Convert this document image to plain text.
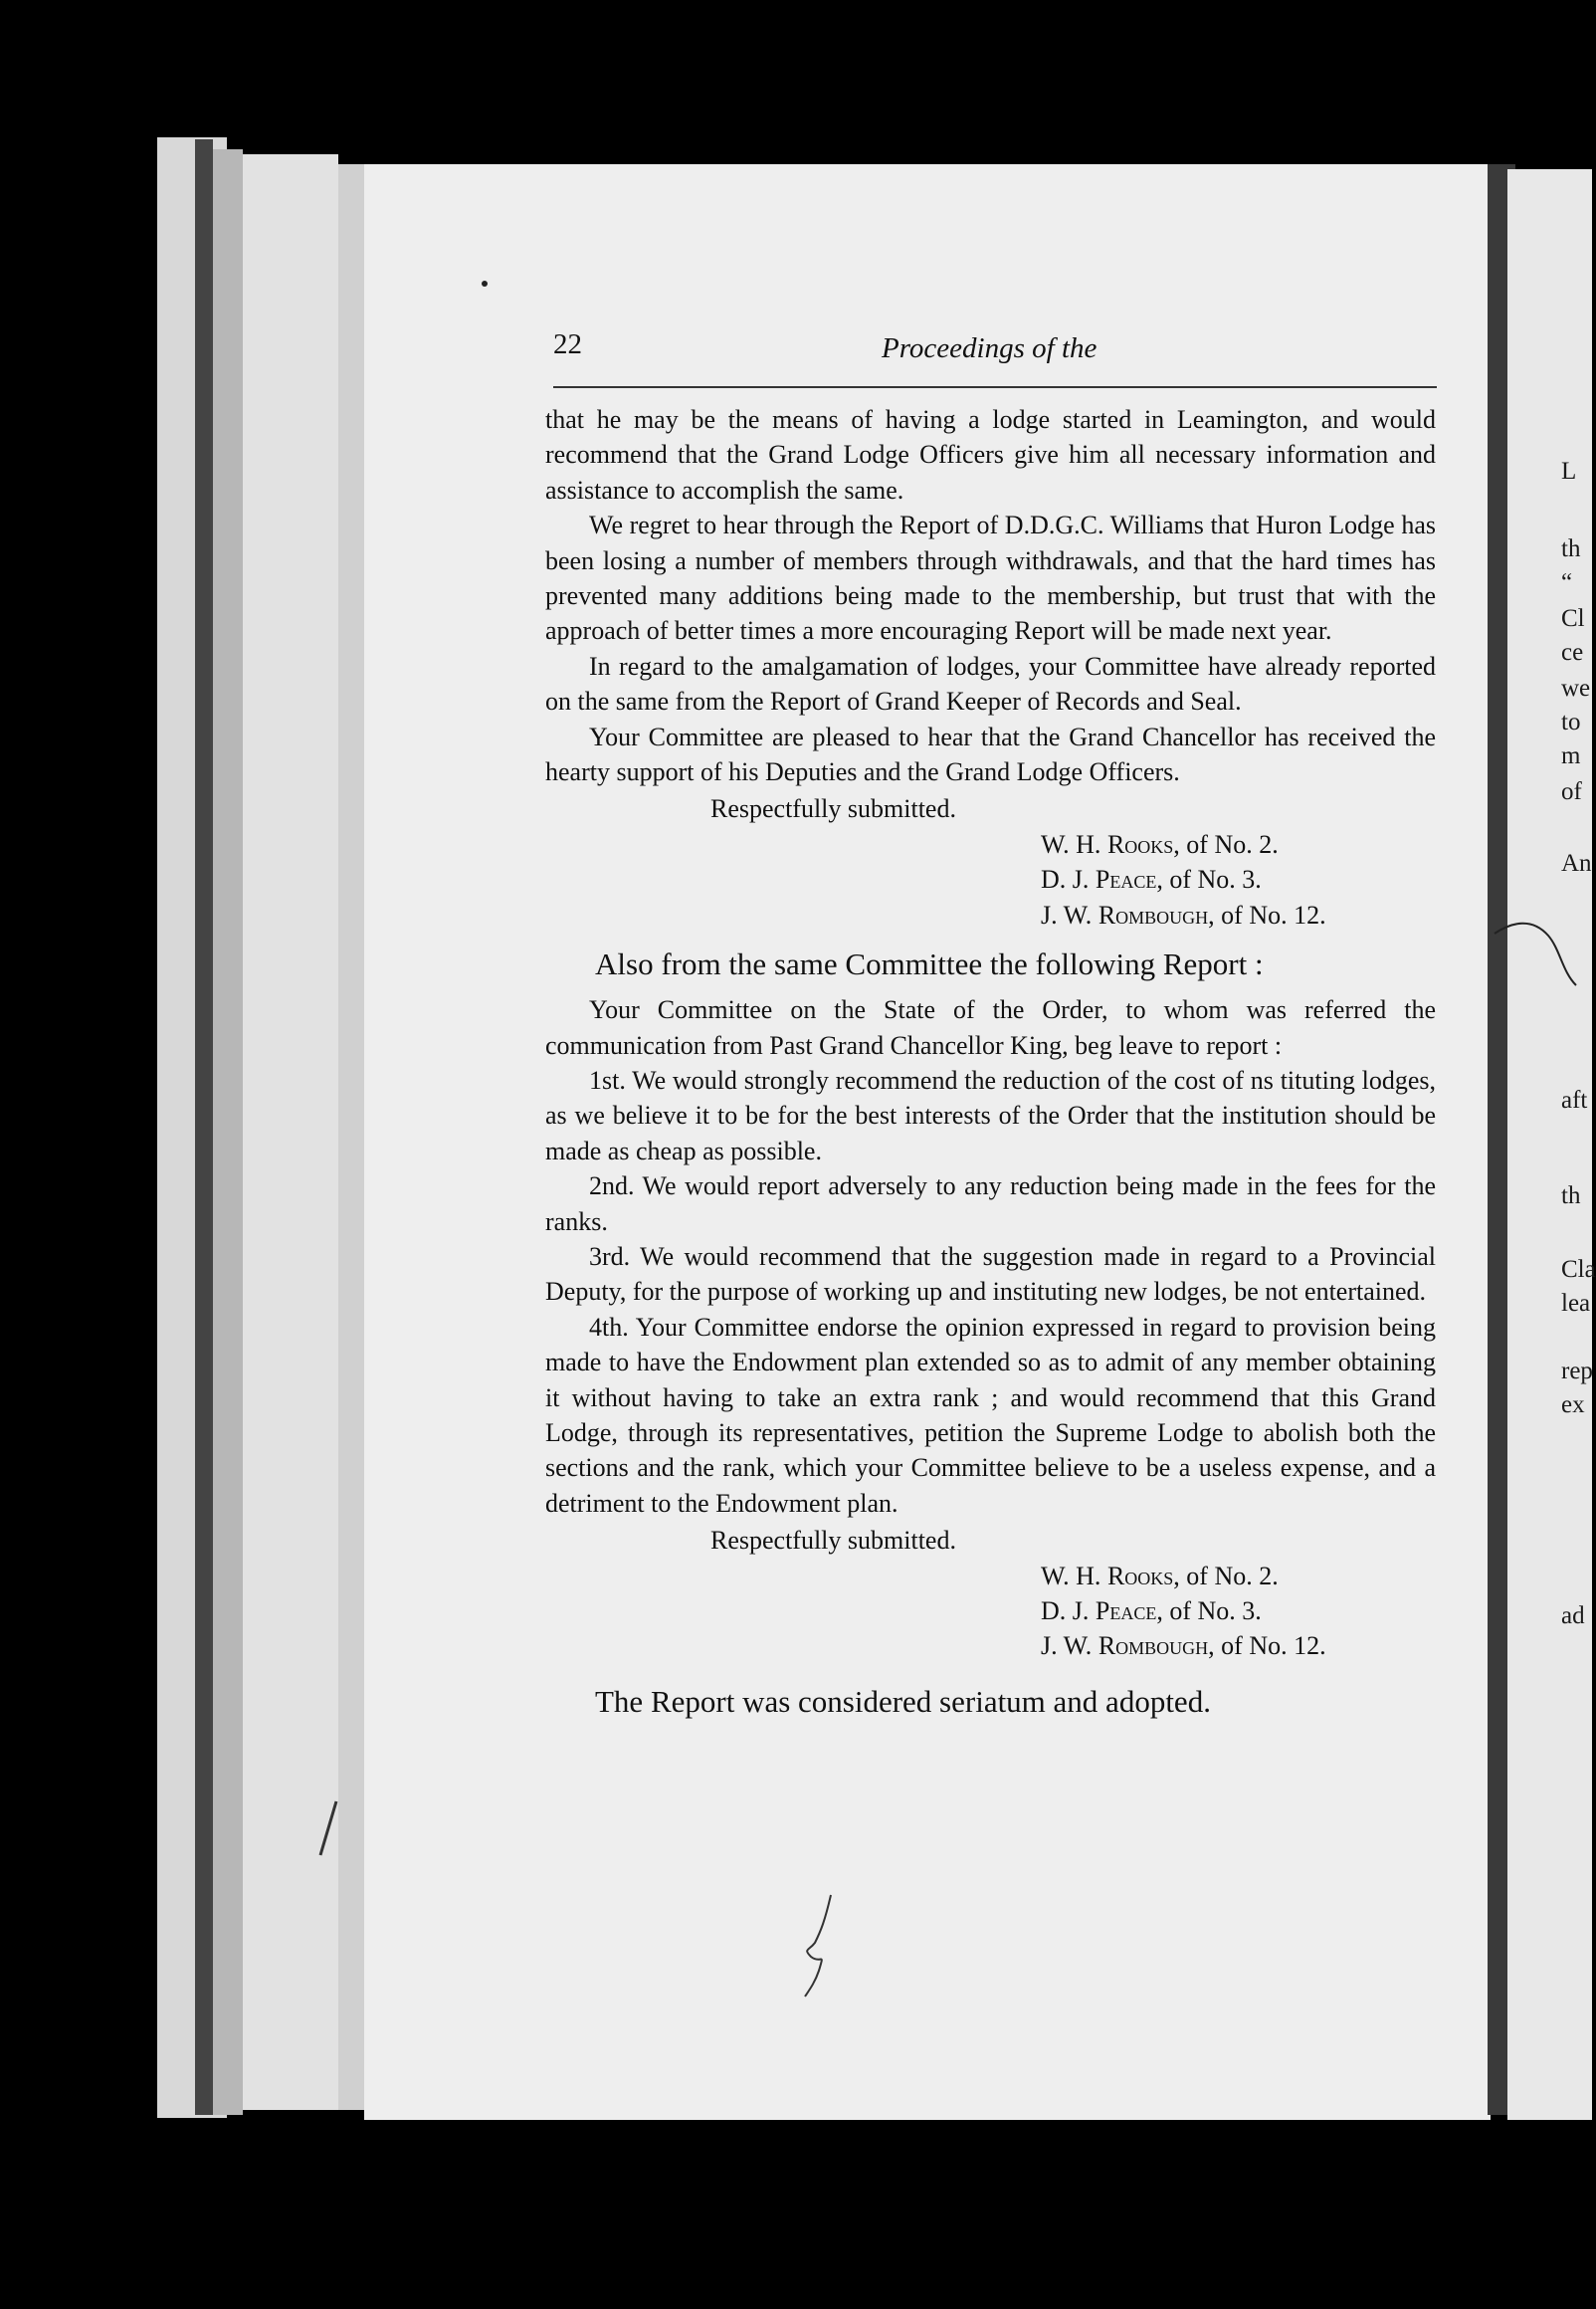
L
th
“
Cl
ce
we
to
m
of
An
aft
th
Cla
lea
rep
ex
ad
22	Proceedings of the

that he may be the means of having a lodge started in Leamington, and would recommend that the Grand Lodge Officers give him all necessary information and assistance to accomplish the same.

We regret to hear through the Report of D.D.G.C. Williams that Huron Lodge has been losing a number of members through withdrawals, and that the hard times has prevented many additions being made to the membership, but trust that with the approach of better times a more encouraging Report will be made next year.

In regard to the amalgamation of lodges, your Committee have already reported on the same from the Report of Grand Keeper of Records and Seal.

Your Committee are pleased to hear that the Grand Chancellor has received the hearty support of his Deputies and the Grand Lodge Officers.

Respectfully submitted.
W. H. Rooks, of No. 2.
D. J. Peace, of No. 3.
J. W. Rombough, of No. 12.
Also from the same Committee the following Report :

Your Committee on the State of the Order, to whom was referred the communication from Past Grand Chancellor King, beg leave to report :

1st. We would strongly recommend the reduction of the cost of ns tituting lodges, as we believe it to be for the best interests of the Order that the institution should be made as cheap as possible.

2nd. We would report adversely to any reduction being made in the fees for the ranks.

3rd. We would recommend that the suggestion made in regard to a Provincial Deputy, for the purpose of working up and instituting new lodges, be not entertained.

4th. Your Committee endorse the opinion expressed in regard to provision being made to have the Endowment plan extended so as to admit of any member obtaining it without having to take an extra rank ; and would recommend that this Grand Lodge, through its representatives, petition the Supreme Lodge to abolish both the sections and the rank, which your Committee believe to be a useless expense, and a detriment to the Endowment plan.

Respectfully submitted.
W. H. Rooks, of No. 2.
D. J. Peace, of No. 3.
J. W. Rombough, of No. 12.
The Report was considered seriatum and adopted.
